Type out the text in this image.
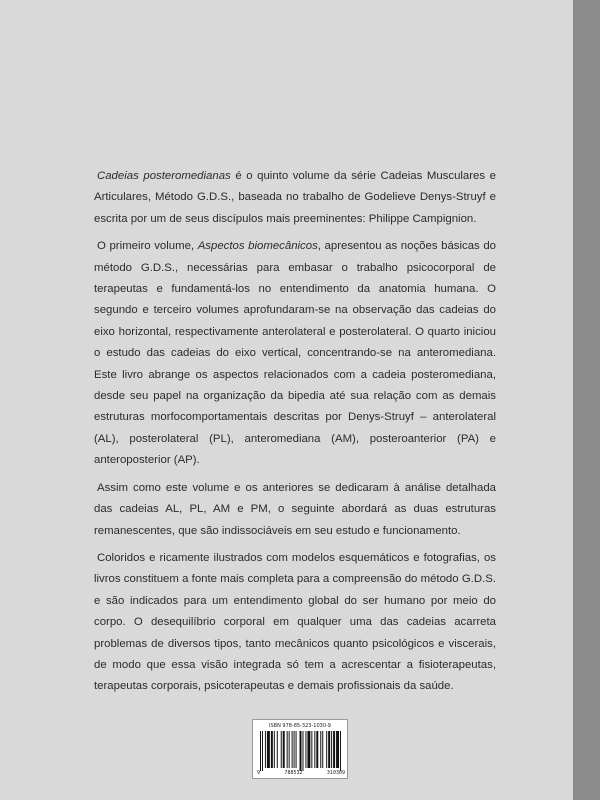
Cadeias posteromedianas é o quinto volume da série Cadeias Musculares e Articulares, Método G.D.S., baseada no trabalho de Godelieve Denys-Struyf e escrita por um de seus discípulos mais preeminentes: Philippe Campignion.

O primeiro volume, Aspectos biomecânicos, apresentou as noções básicas do método G.D.S., necessárias para embasar o trabalho psicocorporal de terapeutas e fundamentá-los no entendimento da anatomia humana. O segundo e terceiro volumes aprofundaram-se na observação das cadeias do eixo horizontal, respectivamente anterolateral e posterolateral. O quarto iniciou o estudo das cadeias do eixo vertical, concentrando-se na anteromediana. Este livro abrange os aspectos relacionados com a cadeia posteromediana, desde seu papel na organização da bipedia até sua relação com as demais estruturas morfocomportamentais descritas por Denys-Struyf – anterolateral (AL), posterolateral (PL), anteromediana (AM), posteroanterior (PA) e anteroposterior (AP).

Assim como este volume e os anteriores se dedicaram à análise detalhada das cadeias AL, PL, AM e PM, o seguinte abordará as duas estruturas remanescentes, que são indissociáveis em seu estudo e funcionamento.

Coloridos e ricamente ilustrados com modelos esquemáticos e fotografias, os livros constituem a fonte mais completa para a compreensão do método G.D.S. e são indicados para um entendimento global do ser humano por meio do corpo. O desequilíbrio corporal em qualquer uma das cadeias acarreta problemas de diversos tipos, tanto mecânicos quanto psicológicos e viscerais, de modo que essa visão integrada só tem a acrescentar a fisioterapeutas, terapeutas corporais, psicoterapeutas e demais profissionais da saúde.

ISBN 978-85-323-1030-9
9	788532	310309
